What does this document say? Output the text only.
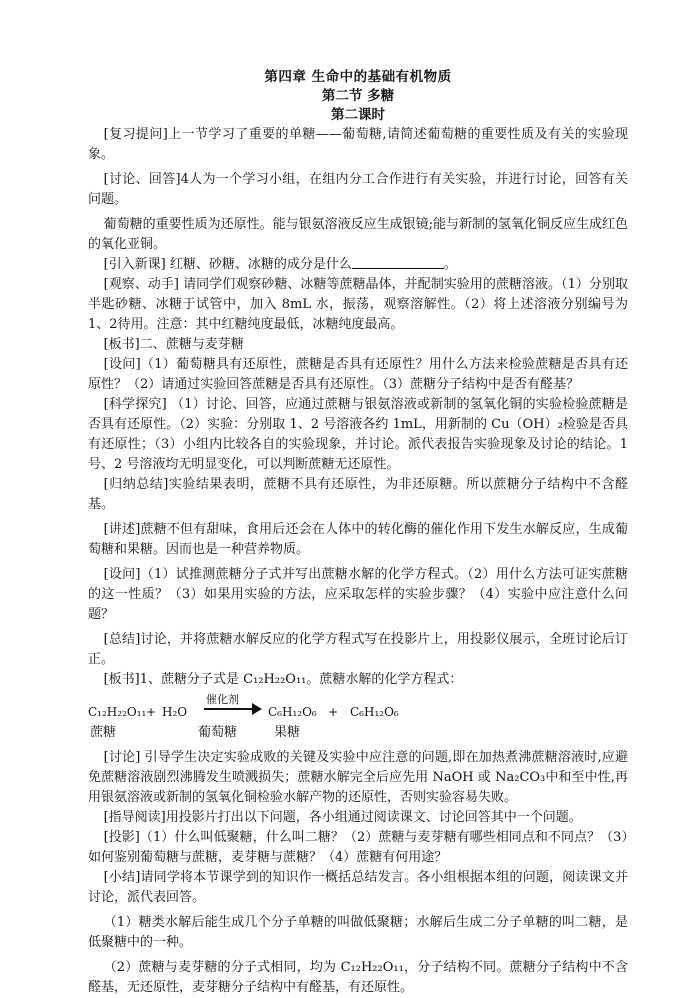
第四章 生命中的基础有机物质
第二节 多糖
第二课时

[复习提问]上一节学习了重要的单糖——葡萄糖,请简述葡萄糖的重要性质及有关的实验现象。

[讨论、回答]4人为一个学习小组，在组内分工合作进行有关实验，并进行讨论，回答有关问题。

葡萄糖的重要性质为还原性。能与银氨溶液反应生成银镜;能与新制的氢氧化铜反应生成红色的氧化亚铜。

[引入新课] 红糖、砂糖、冰糖的成分是什么	。

[观察、动手] 请同学们观察砂糖、冰糖等蔗糖晶体，并配制实验用的蔗糖溶液。（1）分别取半匙砂糖、冰糖于试管中，加入 8mL 水，振荡，观察溶解性。（2）将上述溶液分别编号为 1、2待用。注意：其中红糖纯度最低，冰糖纯度最高。

[板书]二、蔗糖与麦芽糖

[设问]（1）葡萄糖具有还原性，蔗糖是否具有还原性？用什么方法来检验蔗糖是否具有还原性？（2）请通过实验回答蔗糖是否具有还原性。（3）蔗糖分子结构中是否有醛基？

[科学探究] （1）讨论、回答，应通过蔗糖与银氨溶液或新制的氢氧化铜的实验检验蔗糖是否具有还原性。（2）实验：分别取 1、2 号溶液各约 1mL，用新制的 Cu（OH）₂检验是否具有还原性；（3）小组内比较各自的实验现象，并讨论。派代表报告实验现象及讨论的结论。1号、2 号溶液均无明显变化，可以判断蔗糖无还原性。

[归纳总结]实验结果表明，蔗糖不具有还原性，为非还原糖。所以蔗糖分子结构中不含醛基。

[讲述]蔗糖不但有甜味，食用后还会在人体中的转化酶的催化作用下发生水解反应，生成葡萄糖和果糖。因而也是一种营养物质。

[设问]（1）试推测蔗糖分子式并写出蔗糖水解的化学方程式。（2）用什么方法可证实蔗糖的这一性质？（3）如果用实验的方法，应采取怎样的实验步骤？（4）实验中应注意什么问题？

[总结]讨论，并将蔗糖水解反应的化学方程式写在投影片上，用投影仪展示，全班讨论后订正。

[板书]1、蔗糖分子式是 C₁₂H₂₂O₁₁。蔗糖水解的化学方程式：

C₁₂H₂₂O₁₁ + H₂O
催化剂
C₆H₁₂O₆ + C₆H₁₂O₆
蔗糖	葡萄糖	果糖

[讨论] 引导学生决定实验成败的关键及实验中应注意的问题,即在加热煮沸蔗糖溶液时,应避免蔗糖溶液剧烈沸腾发生喷溅损失；蔗糖水解完全后应先用 NaOH 或 Na₂CO₃中和至中性,再用银氨溶液或新制的氢氧化铜检验水解产物的还原性，否则实验容易失败。

[指导阅读]用投影片打出以下问题，各小组通过阅读课文、讨论回答其中一个问题。

[投影]（1）什么叫低聚糖，什么叫二糖？（2）蔗糖与麦芽糖有哪些相同点和不同点？（3）如何鉴别葡萄糖与蔗糖，麦芽糖与蔗糖？（4）蔗糖有何用途？

[小结]请同学将本节课学到的知识作一概括总结发言。各小组根据本组的问题，阅读课文并讨论，派代表回答。

（1）糖类水解后能生成几个分子单糖的叫做低聚糖；水解后生成二分子单糖的叫二糖，是低聚糖中的一种。

（2）蔗糖与麦芽糖的分子式相同，均为 C₁₂H₂₂O₁₁，分子结构不同。蔗糖分子结构中不含醛基，无还原性，麦芽糖分子结构中有醛基，有还原性。
